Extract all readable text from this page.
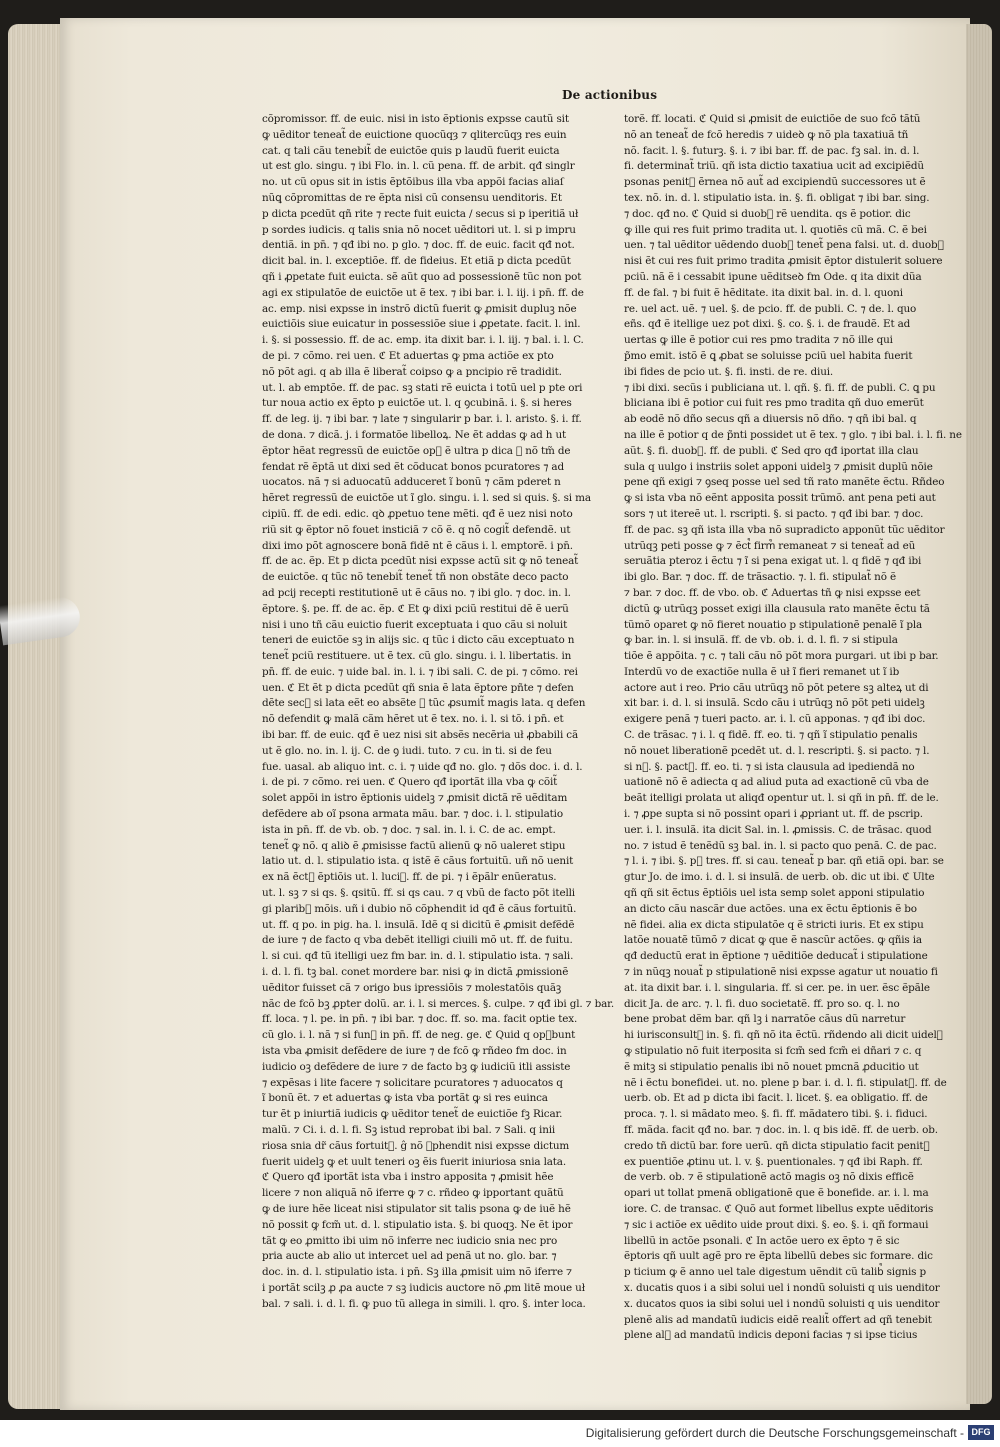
De actionibus
cõpromissor. ff. de euic. nisi in isto ẽptionis expsse cautũ sit
ꝙ uẽditor teneat̃ de euictione quocũqȝ ⁊ qlitercũqȝ res euin
cat. q tali cãu tenebit̃ de euictõe quis p laudũ fuerit euicta
ut est glo. singu. ⁊ ibi Flo. in. l. cũ pena. ff. de arbit. qđ singlr
no. ut cũ opus sit in istis ẽptõibus illa vba appõi facias aliaſ
nũꝗ cõpromittas de re ẽpta nisi cũ consensu uenditoris. Et
p dicta pcedũt qñ rite ⁊ recte fuit euicta / secus si p iperitiã uł
p sordes iudicis. q talis snia nõ nocet uẽditori ut. l. si p impru
dentiã. in pn̄. ⁊ qđ ibi no. p glo. ⁊ doc. ff. de euic. facit qđ not.
dicit bal. in. l. exceptiõe. ff. de fideius. Et etiã p dicta pcedũt
qñ i ꝓpetate fuit euicta. sẽ aũt quo ad possessionẽ tũc non pot
agi ex stipulatõe de euictõe ut ẽ tex. ⁊ ibi bar. i. l. iij. i pn̄. ff. de
ac. emp. nisi expsse in instrõ dictũ fuerit ꝙ ꝓmisit dupluꝫ nõe
euictiõis siue euicatur in possessiõe siue i ꝓpetate. facit. l. inl.
i. §. si possessio. ff. de ac. emp. ita dixit bar. i. l. iij. ⁊ bal. i. l. C.
de pi. ⁊ cõmo. rei uen. ℭ Et aduertas ꝙ pma actiõe ex pto
nõ põt agi. q ab illa ẽ liberat̃ coipso ꝙ a pncipio rẽ tradidit.
ut. l. ab emptõe. ff. de pac. sꝫ stati rẽ euicta i totũ uel p pte ori
tur noua actio ex ẽpto p euictõe ut. l. q ꝯcubinã. i. §. si heres
ff. de leg. ij. ⁊ ibi bar. ⁊ late ⁊ singularir p bar. i. l. aristo. §. i. ff.
de dona. ⁊ dicã. j. i formatõe libelloꝝ. Ne ẽt addas ꝙ ad h ut
ẽptor hẽat regressũ de euictõe op᷒ ẽ ultra p dica ꝙ nõ tm̃ de
fendat rẽ ẽptã ut dixi sed ẽt cõducat bonos pcuratores ⁊ ad
uocatos. nã ⁊ si aduocatũ adduceret ĩ bonũ ⁊ cãm pderet n
hẽret regressũ de euictõe ut ĩ glo. singu. i. l. sed si quis. §. si ma
cipiũ. ff. de edi. edic. qꝺ ꝓpetuo tene mẽti. qđ ẽ uez nisi noto
riũ sit ꝙ ẽptor nõ fouet insticiã ⁊ cõ ẽ. q nõ cogit̃ defendẽ. ut
dixi imo põt agnoscere bonã fidẽ nt ẽ cãus i. l. emptorẽ. i pn̄.
ff. de ac. ẽp. Et p dicta pcedũt nisi expsse actũ sit ꝙ nõ teneat̃
de euictõe. q tũc nõ tenebit̃ tenet̃ tñ non obstãte deco pacto
ad pcij recepti restitutionẽ ut ẽ cãus no. ⁊ ibi glo. ⁊ doc. in. l.
ẽptore. §. pe. ff. de ac. ẽp. ℭ Et ꝙ dixi pciũ restitui dẽ ẽ uerũ
nisi i uno tñ cãu euictio fuerit exceptuata i quo cãu si noluit
teneri de euictõe sꝫ in alijs sic. q tũc i dicto cãu exceptuato n
tenet̃ pciũ restituere. ut ẽ tex. cũ glo. singu. i. l. libertatis. in
pn̄. ff. de euic. ⁊ uide bal. in. l. i. ⁊ ibi sali. C. de pi. ⁊ cõmo. rei
uen. ℭ Et ẽt p dicta pcedũt qñ snia ẽ lata ẽptore pñte ⁊ defen
dẽte sec᷒ si lata eẽt eo absẽte ꝙ tũc ꝓsumit̃ magis lata. q defen
nõ defendit ꝙ malã cãm hẽret ut ẽ tex. no. i. l. si tõ. i pn̄. et
ibi bar. ff. de euic. qđ ẽ uez nisi sit absẽs necẽria uł ꝓbabili cã
ut ẽ glo. no. in. l. ij. C. de ꝯ iudi. tuto. ⁊ cu. in ti. si de feu
fue. uasal. ab aliquo int. c. i. ⁊ uide qđ no. glo. ⁊ dõs doc. i. d. l.
i. de pi. ⁊ cõmo. rei uen. ℭ Quero qđ iportãt illa vba ꝙ cõit̃
solet appõi in istro ẽptionis uidelꝫ ⁊ ꝓmisit dictã rẽ uẽditam
defẽdere ab oĩ psona armata mãu. bar. ⁊ doc. i. l. stipulatio
ista in pn̄. ff. de vb. ob. ⁊ doc. ⁊ sal. in. l. i. C. de ac. empt.
tenet̃ ꝙ nõ. q aliꝺ ẽ ꝓmisisse factũ alienũ ꝙ nõ ualeret stipu
latio ut. d. l. stipulatio ista. q istẽ ẽ cãus fortuitũ. uñ nõ uenit
ex nã ẽct᷒ ẽptiõis ut. l. luci᷒. ff. de pi. ⁊ i ẽpãlr enũeratus.
ut. l. sꝫ ⁊ si qs. §. qsitũ. ff. si qs cau. ⁊ q vbũ de facto põt itelli
gi plarib᷒ mõis. uñ i dubio nõ cõphendit id qđ ẽ cãus fortuitũ.
ut. ff. q po. in pig. ha. l. insulã. Idẽ q si dicitũ ẽ ꝓmisit defẽdẽ
de iure ⁊ de facto q vba debẽt itelligi ciuili mõ ut. ff. de fuitu.
l. si cui. qđ tũ itelligi uez fm bar. in. d. l. stipulatio ista. ⁊ sali.
i. d. l. fi. tꝫ bal. conet mordere bar. nisi ꝙ in dictã ꝓmissionẽ
uẽditor fuisset cã ⁊ origo bus ipressiõis ⁊ molestatõis quãꝫ
nãc de fcõ bꝫ ꝓpter dolũ. ar. i. l. si merces. §. culpe. ⁊ qđ ibi gl. ⁊ bar.
ff. loca. ⁊ l. pe. in pn̄. ⁊ ibi bar. ⁊ doc. ff. so. ma. facit optie tex.
cũ glo. i. l. nã ⁊ si fun᷒ in pn̄. ff. de neg. ge. ℭ Quid q opꝫbunt
ista vba ꝓmisit defẽdere de iure ⁊ de fcõ ꝙ rñdeo fm doc. in
iudicio oꝫ defẽdere de iure ⁊ de facto bꝫ ꝙ iudiciũ itli assiste
⁊ expẽsas i lite facere ⁊ solicitare pcuratores ⁊ aduocatos q
ĩ bonũ ẽt. ⁊ et aduertas ꝙ ista vba portãt ꝙ si res euinca
tur ẽt p iniurtiã iudicis ꝙ uẽditor tenet̃ de euictiõe fꝫ Ricar.
malũ. ⁊ Ci. i. d. l. fi. Sꝫ istud reprobat ibi bal. ⁊ Sali. q inii
riosa snia dr̃ cãus fortuit᷒. ĝ nõ ꝯphendit nisi expsse dictum
fuerit uidelꝫ ꝙ et uult teneri oꝫ ẽis fuerit iniuriosa snia lata.
ℭ Quero qđ iportãt ista vba i instro apposita ⁊ ꝓmisit hẽe
licere ⁊ non aliquã nõ iferre ꝙ ⁊ c. rñdeo ꝙ ipportant quãtũ
ꝙ de iure hẽe liceat nisi stipulator sit talis psona ꝙ de iuẽ hẽ
nõ possit ꝙ fcm̃ ut. d. l. stipulatio ista. §. bi quoqꝫ. Ne ẽt ipor
tãt ꝙ eo ꝓmitto ibi uim nõ inferre nec iudicio snia nec pro
pria aucte ab alio ut intercet uel ad penã ut no. glo. bar. ⁊
doc. in. d. l. stipulatio ista. i pn̄. Sꝫ illa ꝓmisit uim nõ iferre ⁊
i portãt scilꝫ ꝓ ꝓa aucte ⁊ sꝫ iudicis auctore nõ ꝓm litẽ moue uł
bal. ⁊ sali. i. d. l. fi. ꝙ puo tũ allega in simili. l. qro. §. inter loca.
torẽ. ff. locati. ℭ Quid si ꝓmisit de euictiõe de suo fcõ tãtũ
nõ an teneat̃ de fcõ heredis ⁊ uideꝺ ꝙ nõ pla taxatiuã tñ
nõ. facit. l. §. futurꝫ. §. i. ⁊ ibi bar. ff. de pac. fꝫ sal. in. d. l.
fi. determinat̃ triũ. qñ ista dictio taxatiua ucit ad excipiẽdũ
psonas penit᷒ ẽrnea nõ aut̃ ad excipiendũ successores ut ẽ
tex. nõ. in. d. l. stipulatio ista. in. §. fi. obligat ⁊ ibi bar. sing.
⁊ doc. qđ no. ℭ Quid si duob᷒ rẽ uendita. qs ẽ potior. dic
ꝙ ille qui res fuit primo tradita ut. l. quotiẽs cũ mã. C. ẽ bei
uen. ⁊ tal uẽditor uẽdendo duob᷒ tenet̃ pena falsi. ut. d. duob᷒
nisi ẽt cui res fuit primo tradita ꝓmisit ẽptor distulerit soluere
pciũ. nã ẽ i cessabit ipune uẽditseꝺ fm Ode. q ita dixit dũa
ff. de fal. ⁊ bi fuit ẽ hẽditate. ita dixit bal. in. d. l. quoni
re. uel act. uẽ. ⁊ uel. §. de pcio. ff. de publi. C. ⁊ de. l. quo
eñs. qđ ẽ itellige uez pot dixi. §. co. §. i. de fraudẽ. Et ad
uertas ꝙ ille ẽ potior cui res pmo tradita ⁊ nõ ille qui
p̃mo emit. istõ ẽ ꝗ ꝓbat se soluisse pciũ uel habita fuerit
ibi fides de pcio ut. §. fi. insti. de re. diui.
⁊ ibi dixi. secũs i publiciana ut. l. qñ. §. fi. ff. de publi. C. ꝗ pu
bliciana ibi ẽ potior cui fuit res pmo tradita qñ duo emerũt
ab eodẽ nõ dño secus qñ a diuersis nõ dño. ⁊ qñ ibi bal. q
na ille ẽ potior q de p̃nti possidet ut ẽ tex. ⁊ glo. ⁊ ibi bal. i. l. fi. ne
aũt. §. fi. duob᷒. ff. de publi. ℭ Sed qro qđ iportat illa clau
sula q uulgo i instriis solet apponi uidelꝫ ⁊ ꝓmisit duplũ nõie
pene qñ exigi ⁊ ꝯseq posse uel sed tñ rato manẽte ẽctu. Rñdeo
ꝙ si ista vba nõ eẽnt apposita possit trũmõ. ant pena peti aut
sors ⁊ ut itereẽ ut. l. rscripti. §. si pacto. ⁊ qđ ibi bar. ⁊ doc.
ff. de pac. sꝫ qñ ista illa vba nõ supradicto apponũt tũc uẽditor
utrũqꝫ peti posse ꝙ ⁊ ẽct᷒ firm᷒ remaneat ⁊ si teneat̃ ad eũ
seruãtia pteroz i ẽctu ⁊ ĩ si pena exigat ut. l. q fidẽ ⁊ qđ ibi
ibi glo. Bar. ⁊ doc. ff. de trãsactio. ⁊. l. fi. stipulat̃ nõ ẽ
⁊ bar. ⁊ doc. ff. de vbo. ob. ℭ Aduertas tñ ꝙ nisi expsse eet
dictũ ꝙ utrũqꝫ posset exigi illa clausula rato manẽte ẽctu tã
tũmõ oparet ꝙ nõ fieret nouatio p stipulationẽ penalẽ ĩ pla
ꝙ bar. in. l. si insulã. ff. de vb. ob. i. d. l. fi. ⁊ si stipula
tiõe ẽ appõita. ⁊ c. ⁊ tali cãu nõ põt mora purgari. ut ibi p bar.
Interdũ vo de exactiõe nulla ẽ uł ĩ fieri remanet ut ĩ ib
actore aut i reo. Prio cãu utrũqꝫ nõ põt petere sꝫ alteꝝ ut di
xit bar. i. d. l. si insulã. Scdo cãu i utrũqꝫ nõ põt peti uidelꝫ
exigere penã ⁊ tueri pacto. ar. i. l. cũ apponas. ⁊ qđ ibi doc.
C. de trãsac. ⁊ i. l. q fidẽ. ff. eo. ti. ⁊ qñ ĩ stipulatio penalis
nõ nouet liberationẽ pcedẽt ut. d. l. rescripti. §. si pacto. ⁊ l.
si n᷒. §. pact᷒. ff. eo. ti. ⁊ si ista clausula ad ipediendã no
uationẽ nõ ẽ adiecta q ad aliud puta ad exactionẽ cũ vba de
beãt itelligi prolata ut aliqđ opentur ut. l. si qñ in pn̄. ff. de le.
i. ⁊ ꝓpe supta si nõ possint opari i ꝓpriant ut. ff. de pscrip.
uer. i. l. insulã. ita dicit Sal. in. l. ꝓmissis. C. de trãsac. quod
no. ⁊ istud ẽ tenẽdũ sꝫ bal. in. l. si pacto quo penã. C. de pac.
⁊ l. i. ⁊ ibi. §. p᷒ tres. ff. si cau. teneat̃ p bar. qñ etiã opi. bar. se
gtur Jo. de imo. i. d. l. si insulã. de uerb. ob. dic ut ibi. ℭ Ulte
qñ qñ sit ẽctus ẽptiõis uel ista semp solet apponi stipulatio
an dicto cãu nascãr due actões. una ex ẽctu ẽptionis ẽ bo
nẽ fidei. alia ex dicta stipulatõe q ẽ stricti iuris. Et ex stipu
latõe nouatẽ tũmõ ⁊ dicat ꝙ que ẽ nascũr actões. ꝙ qñis ia
qđ deductũ erat in ẽptione ⁊ uẽditiõe deducat̃ i stipulatione
⁊ in nũqꝫ nouat̃ p stipulationẽ nisi expsse agatur ut nouatio fi
at. ita dixit bar. i. l. singularia. ff. si cer. pe. in uer. ẽsc ẽpãle
dicit Ja. de arc. ⁊. l. fi. duo societatẽ. ff. pro so. q. l. no
bene probat dẽm bar. qñ lꝫ i narratõe cãus dũ narretur
hi iurisconsult᷒ in. §. fi. qñ nõ ita ẽctũ. rñdendo ali dicit uidelꝫ
ꝙ stipulatio nõ fuit iterposita si fcm̃ sed fcm̃ ei dñari ⁊ c. q
ẽ mitꝫ si stipulatio penalis ibi nõ nouet pmcnã ꝓducitio ut
nẽ i ẽctu bonefidei. ut. no. plene p bar. i. d. l. fi. stipulat᷒. ff. de
uerb. ob. Et ad p dicta ibi facit. l. licet. §. ea obligatio. ff. de
proca. ⁊. l. si mãdato meo. §. fi. ff. mãdatero tibi. §. i. fiduci.
ff. mãda. facit qđ no. bar. ⁊ doc. in. l. q bis idẽ. ff. de uerb. ob.
credo tñ dictũ bar. fore uerũ. qñ dicta stipulatio facit penit᷒
ex puentiõe ꝓtinu ut. l. v. §. puentionales. ⁊ qđ ibi Raph. ff.
de verb. ob. ⁊ ẽ stipulationẽ actõ magis oꝫ nõ dixis efficẽ
opari ut tollat pmenã obligationẽ que ẽ bonefide. ar. i. l. ma
iore. C. de transac. ℭ Quõ aut formet libellus expte uẽditoris
⁊ sic i actiõe ex uẽdito uide prout dixi. §. eo. §. i. qñ formaui
libellũ in actõe psonali. ℭ In actõe uero ex ẽpto ⁊ ẽ sic
ẽptoris qñ uult agẽ pro re ẽpta libellũ debes sic formare. dic
p ticium ꝙ ẽ anno uel tale digestum uẽndit cũ talib᷒ signis p
x. ducatis quos i a sibi solui uel i nondũ soluisti q uis uenditor
x. ducatos quos ia sibi solui uel i nondũ soluisti q uis uenditor
plenẽ alis ad mandatũ iudicis eidẽ realit̃ offert ad qñ tenebit
plene al᷒ ad mandatũ indicis deponi facias ⁊ si ipse ticius
Digitalisierung gefördert durch die Deutsche Forschungsgemeinschaft - DFG
